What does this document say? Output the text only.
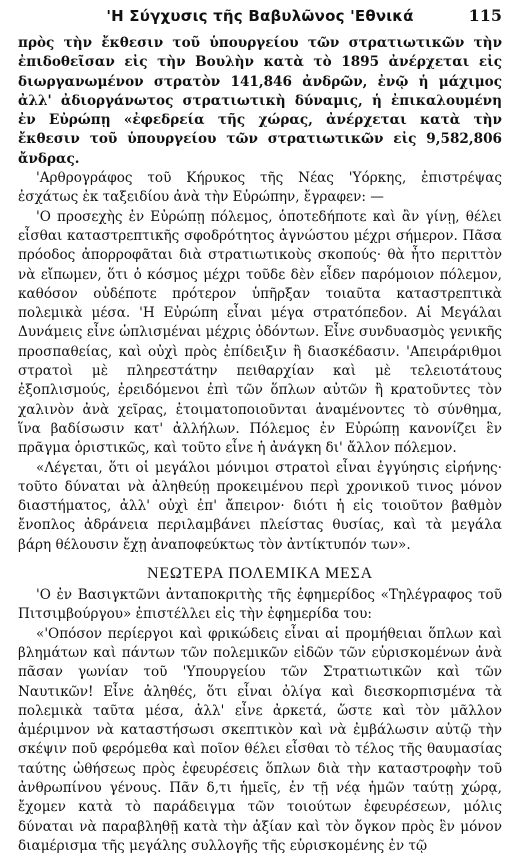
'Η Σύγχυσις τῆς Βαβυλῶνος 'Εθνικά	115

πρὸς τὴν ἔκθεσιν τοῦ ὑπουργείου τῶν στρατιωτικῶν τὴν ἐπιδοθεῖσαν εἰς τὴν Βουλὴν κατὰ τὸ 1895 ἀνέρχεται εἰς διωργανωμένον στρατὸν 141,846 ἀνδρῶν, ἐνῷ ἡ μάχιμος ἀλλ' ἀδιοργάνωτος στρατιωτικὴ δύναμις, ἡ ἐπικαλουμένη ἐν Εὐρώπῃ «ἐφεδρεία τῆς χώρας, ἀνέρχεται κατὰ τὴν ἔκθεσιν τοῦ ὑπουργείου τῶν στρατιωτικῶν εἰς 9,582,806 ἄνδρας.

'Αρθρογράφος τοῦ Κήρυκος τῆς Νέας 'Υόρκης, ἐπιστρέψας ἐσχάτως ἐκ ταξειδίου ἀνὰ τὴν Εὐρώπην, ἔγραφεν: —

'Ο προσεχὴς ἐν Εὐρώπῃ πόλεμος, ὁποτεδήποτε καὶ ἂν γίνῃ, θέλει εἶσθαι καταστρεπτικῆς σφοδρότητος ἀγνώστου μέχρι σήμερον. Πᾶσα πρόοδος ἀπορροφᾶται διὰ στρατιωτικοὺς σκοπούς· θὰ ἦτο περιττὸν νὰ εἴπωμεν, ὅτι ὁ κόσμος μέχρι τοῦδε δὲν εἶδεν παρόμοιον πόλεμον, καθόσον οὐδέποτε πρότερον ὑπῆρξαν τοιαῦτα καταστρεπτικὰ πολεμικὰ μέσα. 'Η Εὐρώπη εἶναι μέγα στρατόπεδον. Αἱ Μεγάλαι Δυνάμεις εἶνε ὡπλισμέναι μέχρις ὀδόντων. Εἶνε συνδυασμὸς γενικῆς προσπαθείας, καὶ οὐχὶ πρὸς ἐπίδειξιν ἢ διασκέδασιν. 'Απειράριθμοι στρατοὶ μὲ πληρεστάτην πειθαρχίαν καὶ μὲ τελειοτάτους ἐξοπλισμούς, ἐρειδόμενοι ἐπὶ τῶν ὅπλων αὐτῶν ἢ κρατοῦντες τὸν χαλινὸν ἀνὰ χεῖρας, ἑτοιματοποιοῦνται ἀναμένοντες τὸ σύνθημα, ἵνα βαδίσωσιν κατ' ἀλλήλων. Πόλεμος ἐν Εὐρώπῃ κανονίζει ἓν πρᾶγμα ὁριστικῶς, καὶ τοῦτο εἶνε ἡ ἀνάγκη δι' ἄλλον πόλεμον.

«Λέγεται, ὅτι οἱ μεγάλοι μόνιμοι στρατοὶ εἶναι ἐγγύησις εἰρήνης· τοῦτο δύναται νὰ ἀληθεύῃ προκειμένου περὶ χρονικοῦ τινος μόνον διαστήματος, ἀλλ' οὐχὶ ἐπ' ἄπειρον· διότι ἡ εἰς τοιοῦτον βαθμὸν ἔνοπλος ἀδράνεια περιλαμβάνει πλείστας θυσίας, καὶ τὰ μεγάλα βάρη θέλουσιν ἔχῃ ἀναποφεύκτως τὸν ἀντίκτυπόν των».

ΝΕΩΤΕΡΑ ΠΟΛΕΜΙΚΑ ΜΕΣΑ

'Ο ἐν Βασιγκτῶνι ἀνταποκριτὴς τῆς ἐφημερίδος «Τηλέγραφος τοῦ Πιτσιμβούργου» ἐπιστέλλει εἰς τὴν ἐφημερίδα του:

«'Οπόσον περίεργοι καὶ φρικώδεις εἶναι αἱ προμήθειαι ὅπλων καὶ βλημάτων καὶ πάντων τῶν πολεμικῶν εἰδῶν τῶν εὑρισκομένων ἀνὰ πᾶσαν γωνίαν τοῦ 'Υπουργείου τῶν Στρατιωτικῶν καὶ τῶν Ναυτικῶν! Εἶνε ἀληθές, ὅτι εἶναι ὀλίγα καὶ διεσκορπισμένα τὰ πολεμικὰ ταῦτα μέσα, ἀλλ' εἶνε ἀρκετά, ὥστε καὶ τὸν μᾶλλον ἀμέριμνον νὰ καταστήσωσι σκεπτικὸν καὶ νὰ ἐμβάλωσιν αὐτῷ τὴν σκέψιν ποῦ φερόμεθα καὶ ποῖον θέλει εἶσθαι τὸ τέλος τῆς θαυμασίας ταύτης ὠθήσεως πρὸς ἐφευρέσεις ὅπλων διὰ τὴν καταστροφὴν τοῦ ἀνθρωπίνου γένους. Πᾶν δ,τι ἡμεῖς, ἐν τῇ νέᾳ ἡμῶν ταύτῃ χώρᾳ, ἔχομεν κατὰ τὸ παράδειγμα τῶν τοιούτων ἐφευρέσεων, μόλις δύναται νὰ παραβληθῇ κατὰ τὴν ἀξίαν καὶ τὸν ὄγκον πρὸς ἓν μόνον διαμέρισμα τῆς μεγάλης συλλογῆς τῆς εὑρισκομένης ἐν τῷ
